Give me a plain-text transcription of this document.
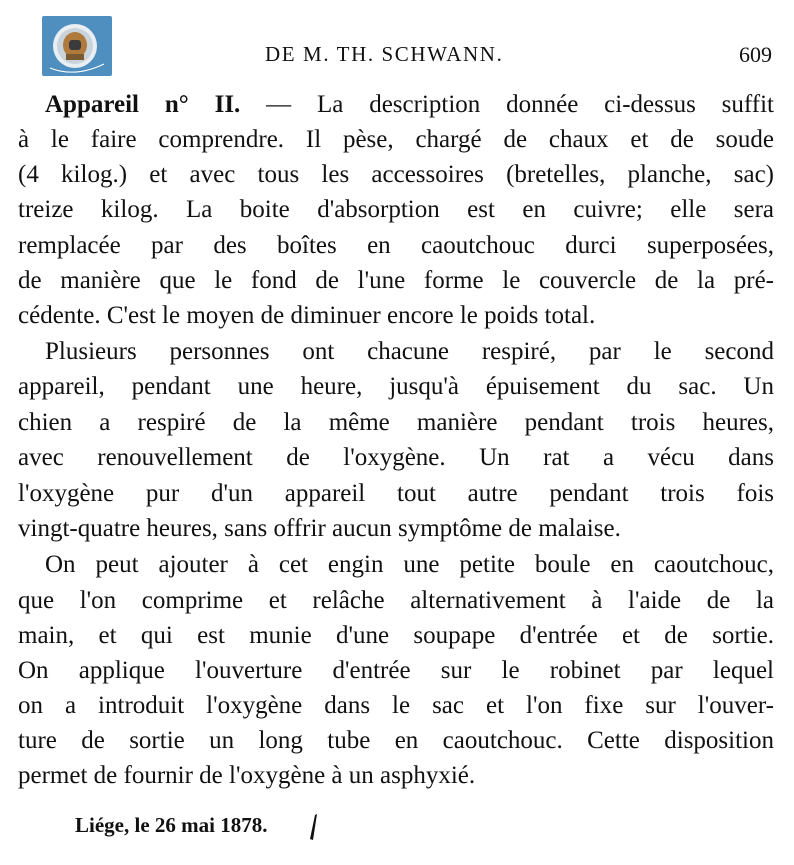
DE M. TH. SCHWANN.	609
Appareil n° II. — La description donnée ci-dessus suffit
à le faire comprendre. Il pèse, chargé de chaux et de soude
(4 kilog.) et avec tous les accessoires (bretelles, planche, sac)
treize kilog. La boite d'absorption est en cuivre; elle sera
remplacée par des boîtes en caoutchouc durci superposées,
de manière que le fond de l'une forme le couvercle de la pré-
cédente. C'est le moyen de diminuer encore le poids total.
Plusieurs personnes ont chacune respiré, par le second
appareil, pendant une heure, jusqu'à épuisement du sac. Un
chien a respiré de la même manière pendant trois heures,
avec renouvellement de l'oxygène. Un rat a vécu dans
l'oxygène pur d'un appareil tout autre pendant trois fois
vingt-quatre heures, sans offrir aucun symptôme de malaise.
On peut ajouter à cet engin une petite boule en caoutchouc,
que l'on comprime et relâche alternativement à l'aide de la
main, et qui est munie d'une soupape d'entrée et de sortie.
On applique l'ouverture d'entrée sur le robinet par lequel
on a introduit l'oxygène dans le sac et l'on fixe sur l'ouver-
ture de sortie un long tube en caoutchouc. Cette disposition
permet de fournir de l'oxygène à un asphyxié.
Liége, le 26 mai 1878.
